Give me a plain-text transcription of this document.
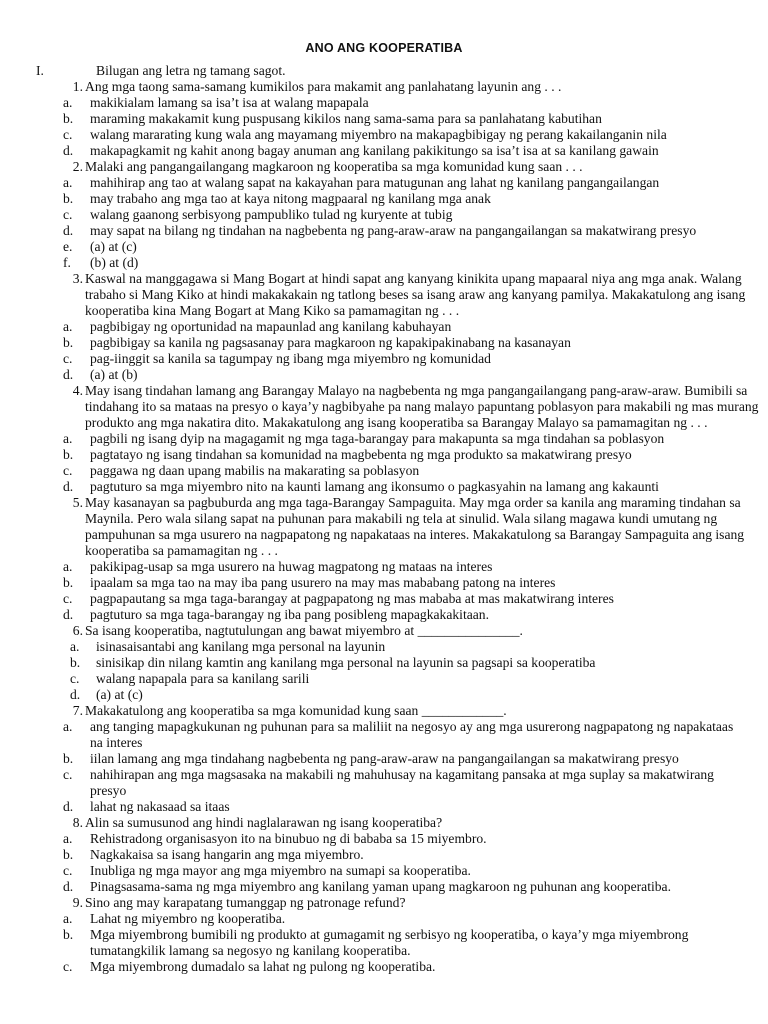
ANO ANG KOOPERATIBA
I.	Bilugan ang letra ng tamang sagot.
1. Ang mga taong sama-samang kumikilos para makamit ang panlahatang layunin ang . . .
a.	makikialam lamang sa isa’t isa at walang mapapala
b.	maraming makakamit kung puspusang kikilos nang sama-sama para sa panlahatang kabutihan
c.	walang mararating kung wala ang mayamang miyembro na makapagbibigay ng perang kakailanganin nila
d.	makapagkamit ng kahit anong bagay anuman ang kanilang pakikitungo sa isa’t isa at sa kanilang gawain
2. Malaki ang pangangailangang magkaroon ng kooperatiba sa mga komunidad kung saan . . .
a.	mahihirap ang tao at walang sapat na kakayahan para matugunan ang lahat ng kanilang pangangailangan
b.	may trabaho ang mga tao at kaya nitong magpaaral ng kanilang mga anak
c.	walang gaanong serbisyong pampubliko tulad ng kuryente at tubig
d.	may sapat na bilang ng tindahan na nagbebenta ng pang-araw-araw na pangangailangan sa makatwirang presyo
e.	(a) at (c)
f.	(b) at (d)
3. Kaswal na manggagawa si Mang Bogart at hindi sapat ang kanyang kinikita upang mapaaral niya ang mga anak. Walang trabaho si Mang Kiko at hindi makakakain ng tatlong beses sa isang araw ang kanyang pamilya. Makakatulong ang isang kooperatiba kina Mang Bogart at Mang Kiko sa pamamagitan ng . . .
a.	pagbibigay ng oportunidad na mapaunlad ang kanilang kabuhayan
b.	pagbibigay sa kanila ng pagsasanay para magkaroon ng kapakipakinabang na kasanayan
c.	pag-iinggit sa kanila sa tagumpay ng ibang mga miyembro ng komunidad
d.	(a) at (b)
4. May isang tindahan lamang ang Barangay Malayo na nagbebenta ng mga pangangailangang pang-araw-araw. Bumibili sa tindahang ito sa mataas na presyo o kaya’y nagbibyahe pa nang malayo papuntang poblasyon para makabili ng mas murang produkto ang mga nakatira dito. Makakatulong ang isang kooperatiba sa Barangay Malayo sa pamamagitan ng . . .
a.	pagbili ng isang dyip na magagamit ng mga taga-barangay para makapunta sa mga tindahan sa poblasyon
b.	pagtatayo ng isang tindahan sa komunidad na magbebenta ng mga produkto sa makatwirang presyo
c.	paggawa ng daan upang mabilis na makarating sa poblasyon
d.	pagtuturo sa mga miyembro nito na kaunti lamang ang ikonsumo o pagkasyahin na lamang ang kakaunti
5. May kasanayan sa pagbuburda ang mga taga-Barangay Sampaguita. May mga order sa kanila ang maraming tindahan sa Maynila. Pero wala silang sapat na puhunan para makabili ng tela at sinulid. Wala silang magawa kundi umutang ng pampuhunan sa mga usurero na nagpapatong ng napakataas na interes. Makakatulong sa Barangay Sampaguita ang isang kooperatiba sa pamamagitan ng . . .
a.	pakikipag-usap sa mga usurero na huwag magpatong ng mataas na interes
b.	ipaalam sa mga tao na may iba pang usurero na may mas mababang patong na interes
c.	pagpapautang sa mga taga-barangay at pagpapatong ng mas mababa at mas makatwirang interes
d.	pagtuturo sa mga taga-barangay ng iba pang posibleng mapagkakakitaan.
6. Sa isang kooperatiba, nagtutulungan ang bawat miyembro at _______________.
a.	isinasaisantabi ang kanilang mga personal na layunin
b.	sinisikap din nilang kamtin ang kanilang mga personal na layunin sa pagsapi sa kooperatiba
c.	walang napapala para sa kanilang sarili
d.	(a) at (c)
7. Makakatulong ang kooperatiba sa mga komunidad kung saan ____________.
a.	ang tanging mapagkukunan ng puhunan para sa maliliit na negosyo ay ang mga usurerong nagpapatong ng napakataas na interes
b.	iilan lamang ang mga tindahang nagbebenta ng pang-araw-araw na pangangailangan sa makatwirang presyo
c.	nahihirapan ang mga magsasaka na makabili ng mahuhusay na kagamitang pansaka at mga suplay sa makatwirang presyo
d.	lahat ng nakasaad sa itaas
8. Alin sa sumusunod ang hindi naglalarawan ng isang kooperatiba?
a.	Rehistradong organisasyon ito na binubuo ng di bababa sa 15 miyembro.
b.	Nagkakaisa sa isang hangarin ang mga miyembro.
c.	Inubliga ng mga mayor ang mga miyembro na sumapi sa kooperatiba.
d.	Pinagsasama-sama ng mga miyembro ang kanilang yaman upang magkaroon ng puhunan ang kooperatiba.
9. Sino ang may karapatang tumanggap ng patronage refund?
a.	Lahat ng miyembro ng kooperatiba.
b.	Mga miyembrong bumibili ng produkto at gumagamit ng serbisyo ng kooperatiba, o kaya’y mga miyembrong tumatangkilik lamang sa negosyo ng kanilang kooperatiba.
c.	Mga miyembrong dumadalo sa lahat ng pulong ng kooperatiba.
